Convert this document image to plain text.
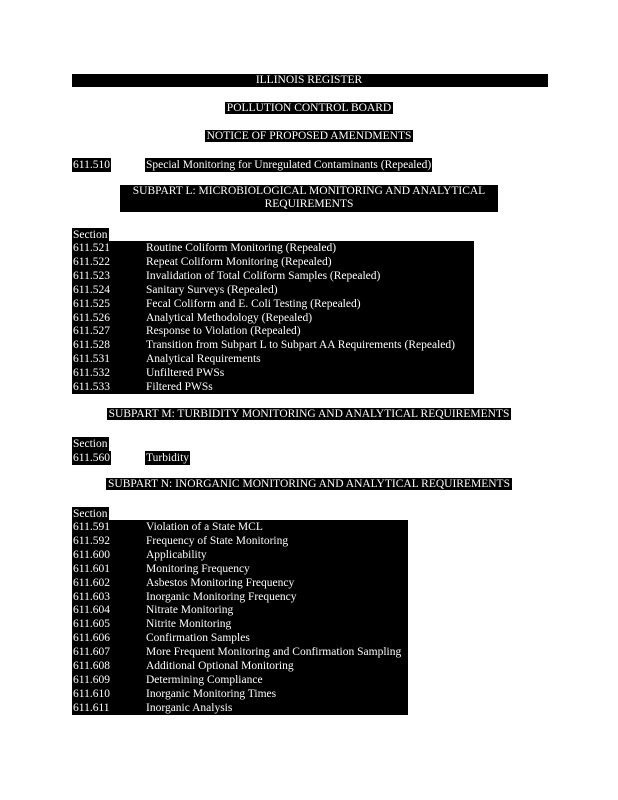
ILLINOIS REGISTER
POLLUTION CONTROL BOARD
NOTICE OF PROPOSED AMENDMENTS
611.510	Special Monitoring for Unregulated Contaminants (Repealed)
SUBPART L: MICROBIOLOGICAL MONITORING AND ANALYTICAL
REQUIREMENTS
Section
611.521	Routine Coliform Monitoring (Repealed)
611.522	Repeat Coliform Monitoring (Repealed)
611.523	Invalidation of Total Coliform Samples (Repealed)
611.524	Sanitary Surveys (Repealed)
611.525	Fecal Coliform and E. Coli Testing (Repealed)
611.526	Analytical Methodology (Repealed)
611.527	Response to Violation (Repealed)
611.528	Transition from Subpart L to Subpart AA Requirements (Repealed)
611.531	Analytical Requirements
611.532	Unfiltered PWSs
611.533	Filtered PWSs
SUBPART M: TURBIDITY MONITORING AND ANALYTICAL REQUIREMENTS
Section
611.560	Turbidity
SUBPART N: INORGANIC MONITORING AND ANALYTICAL REQUIREMENTS
Section
611.591	Violation of a State MCL
611.592	Frequency of State Monitoring
611.600	Applicability
611.601	Monitoring Frequency
611.602	Asbestos Monitoring Frequency
611.603	Inorganic Monitoring Frequency
611.604	Nitrate Monitoring
611.605	Nitrite Monitoring
611.606	Confirmation Samples
611.607	More Frequent Monitoring and Confirmation Sampling
611.608	Additional Optional Monitoring
611.609	Determining Compliance
611.610	Inorganic Monitoring Times
611.611	Inorganic Analysis
